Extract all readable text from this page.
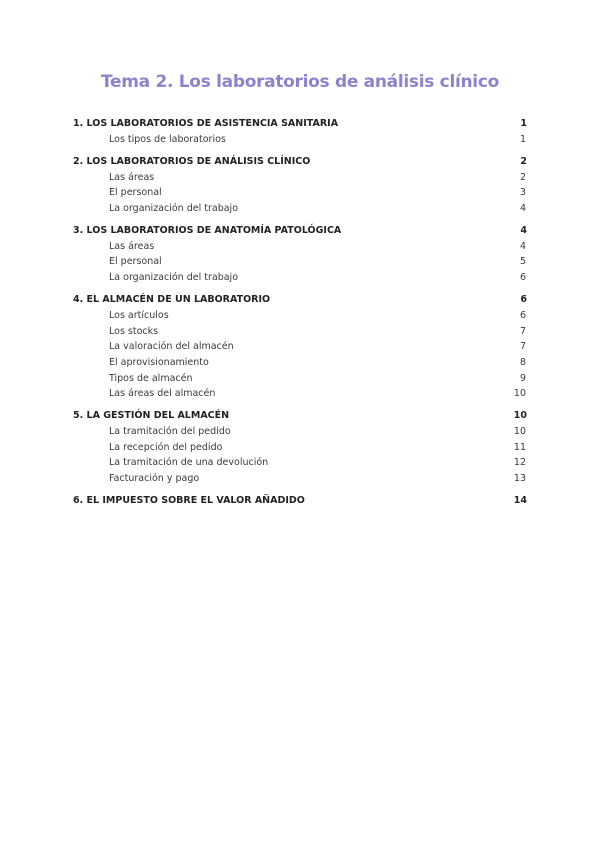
Tema 2. Los laboratorios de análisis clínico
1. LOS LABORATORIOS DE ASISTENCIA SANITARIA	1
Los tipos de laboratorios	1
2. LOS LABORATORIOS DE ANÁLISIS CLÍNICO	2
Las áreas	2
El personal	3
La organización del trabajo	4
3. LOS LABORATORIOS DE ANATOMÍA PATOLÓGICA	4
Las áreas	4
El personal	5
La organización del trabajo	6
4. EL ALMACÉN DE UN LABORATORIO	6
Los artículos	6
Los stocks	7
La valoración del almacén	7
El aprovisionamiento	8
Tipos de almacén	9
Las áreas del almacén	10
5. LA GESTIÓN DEL ALMACÉN	10
La tramitación del pedido	10
La recepción del pedido	11
La tramitación de una devolución	12
Facturación y pago	13
6. EL IMPUESTO SOBRE EL VALOR AÑADIDO	14
